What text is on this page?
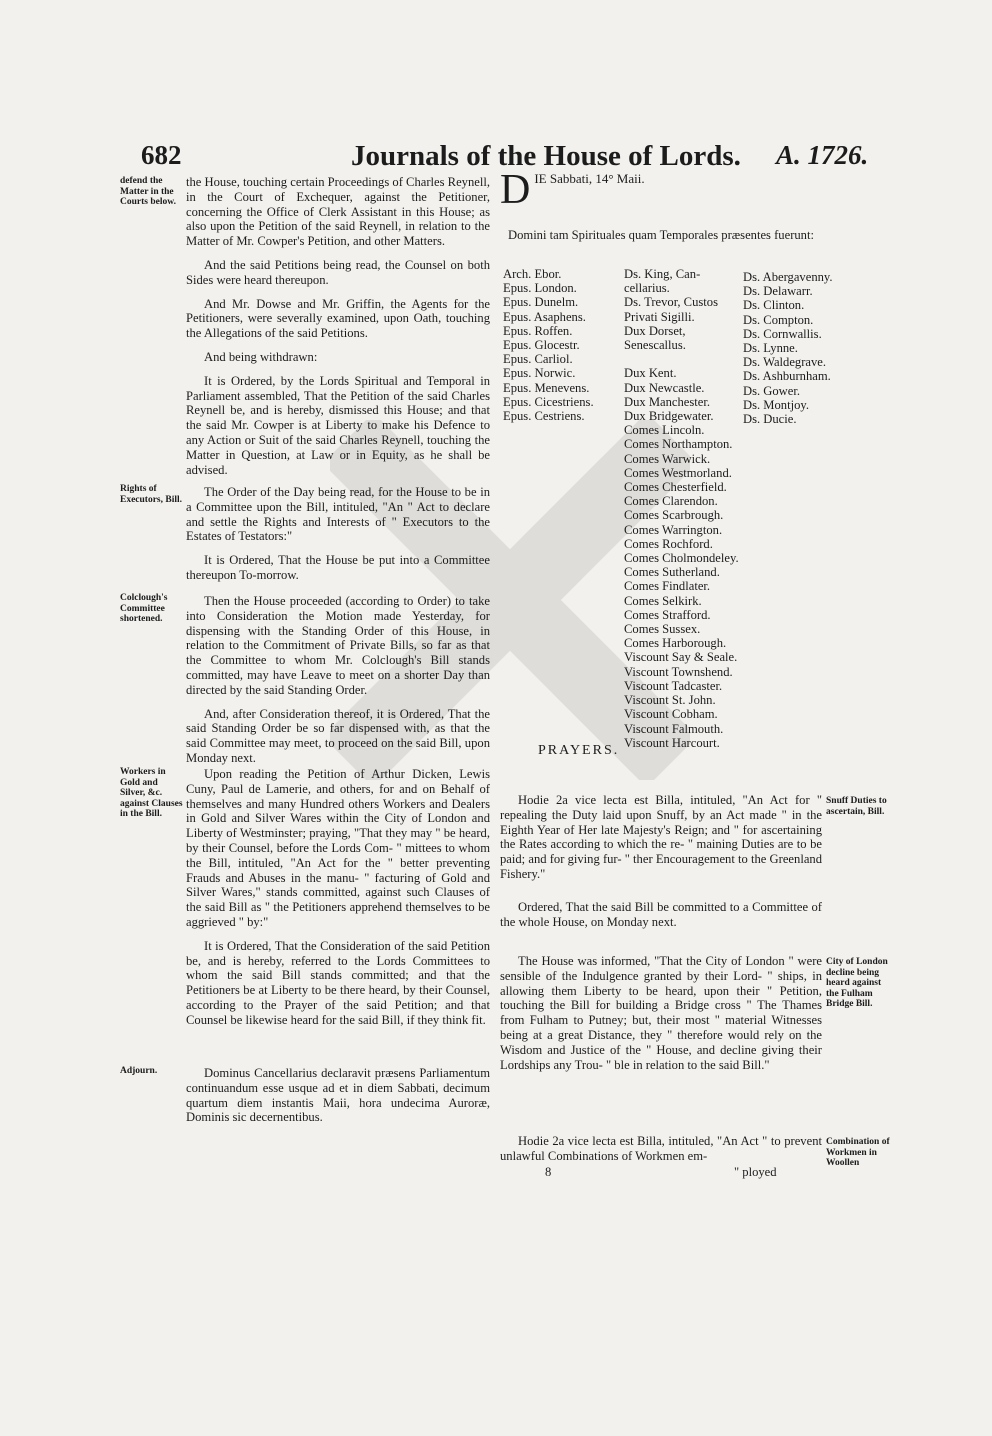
682	Journals of the House of Lords. A. 1726.
defend the Matter in the Courts below.
Rights of Executors, Bill.
Colclough's Committee shortened.
Workers in Gold and Silver, &c. against Clauses in the Bill.
Adjourn.

the House, touching certain Proceedings of Charles Reynell, in the Court of Exchequer, against the Petitioner, concerning the Office of Clerk Assistant in this House; as also upon the Petition of the said Reynell, in relation to the Matter of Mr. Cowper's Petition, and other Matters.

And the said Petitions being read, the Counsel on both Sides were heard thereupon.

And Mr. Dowse and Mr. Griffin, the Agents for the Petitioners, were severally examined, upon Oath, touching the Allegations of the said Petitions.

And being withdrawn:

It is Ordered, by the Lords Spiritual and Temporal in Parliament assembled, That the Petition of the said Charles Reynell be, and is hereby, dismissed this House; and that the said Mr. Cowper is at Liberty to make his Defence to any Action or Suit of the said Charles Reynell, touching the Matter in Question, at Law or in Equity, as he shall be advised.

The Order of the Day being read, for the House to be in a Committee upon the Bill, intituled, "An " Act to declare and settle the Rights and Interests of " Executors to the Estates of Testators:"

It is Ordered, That the House be put into a Committee thereupon To-morrow.

Then the House proceeded (according to Order) to take into Consideration the Motion made Yesterday, for dispensing with the Standing Order of this House, in relation to the Commitment of Private Bills, so far as that the Committee to whom Mr. Colclough's Bill stands committed, may have Leave to meet on a shorter Day than directed by the said Standing Order.

And, after Consideration thereof, it is Ordered, That the said Standing Order be so far dispensed with, as that the said Committee may meet, to proceed on the said Bill, upon Monday next.

Upon reading the Petition of Arthur Dicken, Lewis Cuny, Paul de Lamerie, and others, for and on Behalf of themselves and many Hundred others Workers and Dealers in Gold and Silver Wares within the City of London and Liberty of Westminster; praying, "That they may " be heard, by their Counsel, before the Lords Com- " mittees to whom the Bill, intituled, "An Act for the " better preventing Frauds and Abuses in the manu- " facturing of Gold and Silver Wares," stands committed, against such Clauses of the said Bill as " the Petitioners apprehend themselves to be aggrieved " by:"

It is Ordered, That the Consideration of the said Petition be, and is hereby, referred to the Lords Committees to whom the said Bill stands committed; and that the Petitioners be at Liberty to be there heard, by their Counsel, according to the Prayer of the said Petition; and that Counsel be likewise heard for the said Bill, if they think fit.

Dominus Cancellarius declaravit præsens Parliamentum continuandum esse usque ad et in diem Sabbati, decimum quartum diem instantis Maii, hora undecima Auroræ, Dominis sic decernentibus.

D IE Sabbati, 14° Maii.
Domini tam Spirituales quam Temporales præsentes fuerunt:
Arch. Ebor.
Epus. London.
Epus. Dunelm.
Epus. Asaphens.
Epus. Roffen.
Epus. Glocestr.
Epus. Carliol.
Epus. Norwic.
Epus. Menevens.
Epus. Cicestriens.
Epus. Cestriens.
Ds. King, Can-
cellarius.
Ds. Trevor, Custos
Privati Sigilli.
Dux Dorset,
Senescallus.

Dux Kent.
Dux Newcastle.
Dux Manchester.
Dux Bridgewater.
Comes Lincoln.
Comes Northampton.
Comes Warwick.
Comes Westmorland.
Comes Chesterfield.
Comes Clarendon.
Comes Scarbrough.
Comes Warrington.
Comes Rochford.
Comes Cholmondeley.
Comes Sutherland.
Comes Findlater.
Comes Selkirk.
Comes Strafford.
Comes Sussex.
Comes Harborough.
Viscount Say & Seale.
Viscount Townshend.
Viscount Tadcaster.
Viscount St. John.
Viscount Cobham.
Viscount Falmouth.
Viscount Harcourt.
Ds. Abergavenny.
Ds. Delawarr.
Ds. Clinton.
Ds. Compton.
Ds. Cornwallis.
Ds. Lynne.
Ds. Waldegrave.
Ds. Ashburnham.
Ds. Gower.
Ds. Montjoy.
Ds. Ducie.
PRAYERS.

Hodie 2a vice lecta est Billa, intituled, "An Act for " repealing the Duty laid upon Snuff, by an Act made " in the Eighth Year of Her late Majesty's Reign; and " for ascertaining the Rates according to which the re- " maining Duties are to be paid; and for giving fur- " ther Encouragement to the Greenland Fishery."

Ordered, That the said Bill be committed to a Committee of the whole House, on Monday next.

The House was informed, "That the City of London " were sensible of the Indulgence granted by their Lord- " ships, in allowing them Liberty to be heard, upon their " Petition, touching the Bill for building a Bridge cross " The Thames from Fulham to Putney; but, their most " material Witnesses being at a great Distance, they " therefore would rely on the Wisdom and Justice of the " House, and decline giving their Lordships any Trou- " ble in relation to the said Bill."

Hodie 2a vice lecta est Billa, intituled, "An Act " to prevent unlawful Combinations of Workmen em-

8	" ployed
Snuff Duties to ascertain, Bill.
City of London decline being heard against the Fulham Bridge Bill.
Combination of Workmen in Woollen
